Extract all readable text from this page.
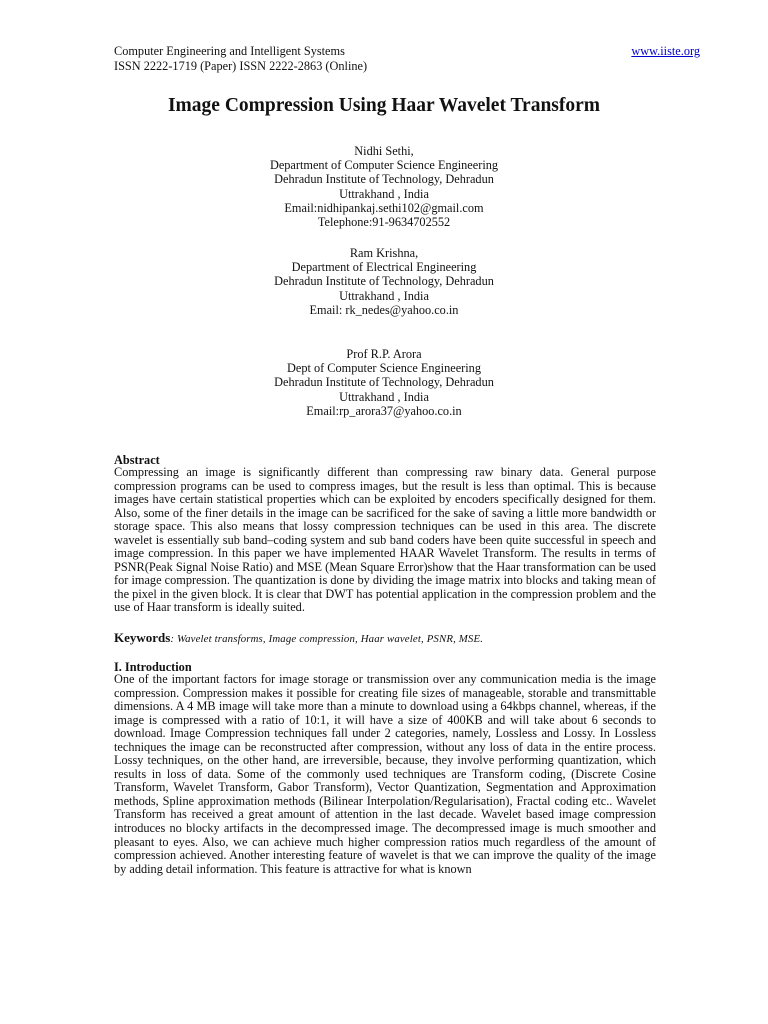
Computer Engineering and Intelligent Systems
ISSN 2222-1719 (Paper) ISSN 2222-2863 (Online)
www.iiste.org
Image Compression Using Haar Wavelet Transform
Nidhi Sethi,
Department of Computer Science Engineering
Dehradun Institute of Technology, Dehradun
Uttrakhand , India
Email:nidhipankaj.sethi102@gmail.com
Telephone:91-9634702552
Ram Krishna,
Department of Electrical Engineering
Dehradun Institute of Technology, Dehradun
Uttrakhand , India
Email: rk_nedes@yahoo.co.in
Prof R.P. Arora
Dept of Computer Science Engineering
Dehradun Institute of Technology, Dehradun
Uttrakhand , India
Email:rp_arora37@yahoo.co.in
Abstract
Compressing an image is significantly different than compressing raw binary data. General purpose compression programs can be used to compress images, but the result is less than optimal. This is because images have certain statistical properties which can be exploited by encoders specifically designed for them. Also, some of the finer details in the image can be sacrificed for the sake of saving a little more bandwidth or storage space. This also means that lossy compression techniques can be used in this area. The discrete wavelet is essentially sub band–coding system and sub band coders have been quite successful in speech and image compression. In this paper we have implemented HAAR Wavelet Transform. The results in terms of PSNR(Peak Signal Noise Ratio) and MSE (Mean Square Error)show that the Haar transformation can be used for image compression. The quantization is done by dividing the image matrix into blocks and taking mean of the pixel in the given block. It is clear that DWT has potential application in the compression problem and the use of Haar transform is ideally suited.
Keywords: Wavelet transforms, Image compression, Haar wavelet, PSNR, MSE.
I. Introduction
One of the important factors for image storage or transmission over any communication media is the image compression. Compression makes it possible for creating file sizes of manageable, storable and transmittable dimensions. A 4 MB image will take more than a minute to download using a 64kbps channel, whereas, if the image is compressed with a ratio of 10:1, it will have a size of 400KB and will take about 6 seconds to download. Image Compression techniques fall under 2 categories, namely, Lossless and Lossy. In Lossless techniques the image can be reconstructed after compression, without any loss of data in the entire process. Lossy techniques, on the other hand, are irreversible, because, they involve performing quantization, which results in loss of data. Some of the commonly used techniques are Transform coding, (Discrete Cosine Transform, Wavelet Transform, Gabor Transform), Vector Quantization, Segmentation and Approximation methods, Spline approximation methods (Bilinear Interpolation/Regularisation), Fractal coding etc.. Wavelet Transform has received a great amount of attention in the last decade. Wavelet based image compression introduces no blocky artifacts in the decompressed image. The decompressed image is much smoother and pleasant to eyes. Also, we can achieve much higher compression ratios much regardless of the amount of compression achieved. Another interesting feature of wavelet is that we can improve the quality of the image by adding detail information. This feature is attractive for what is known
